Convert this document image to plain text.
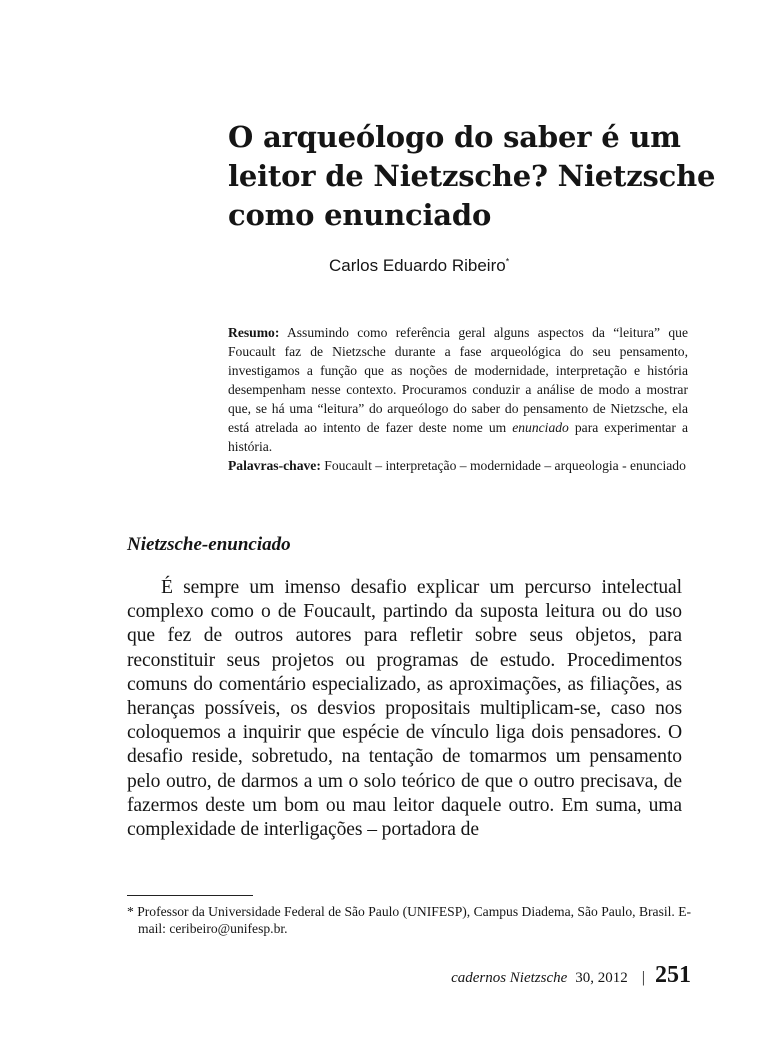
O arqueólogo do saber é um
leitor de Nietzsche? Nietzsche
como enunciado

Carlos Eduardo Ribeiro*

Resumo: Assumindo como referência geral alguns aspectos da “leitura” que Foucault faz de Nietzsche durante a fase arqueológica do seu pensamento, investigamos a função que as noções de modernidade, interpretação e história desempenham nesse contexto. Procuramos conduzir a análise de modo a mostrar que, se há uma “leitura” do arqueólogo do saber do pensamento de Nietzsche, ela está atrelada ao intento de fazer deste nome um enunciado para experimentar a história.

Palavras-chave: Foucault – interpretação – modernidade – arqueologia - enunciado

Nietzsche-enunciado

É sempre um imenso desafio explicar um percurso intelectual complexo como o de Foucault, partindo da suposta leitura ou do uso que fez de outros autores para refletir sobre seus objetos, para reconstituir seus projetos ou programas de estudo. Procedimentos comuns do comentário especializado, as aproximações, as filiações, as heranças possíveis, os desvios propositais multiplicam-se, caso nos coloquemos a inquirir que espécie de vínculo liga dois pensadores. O desafio reside, sobretudo, na tentação de tomarmos um pensamento pelo outro, de darmos a um o solo teórico de que o outro precisava, de fazermos deste um bom ou mau leitor daquele outro. Em suma, uma complexidade de interligações – portadora de

* Professor da Universidade Federal de São Paulo (UNIFESP), Campus Diadema, São Paulo, Brasil. E-mail: ceribeiro@unifesp.br.

cadernos Nietzsche 30, 2012 | 251
